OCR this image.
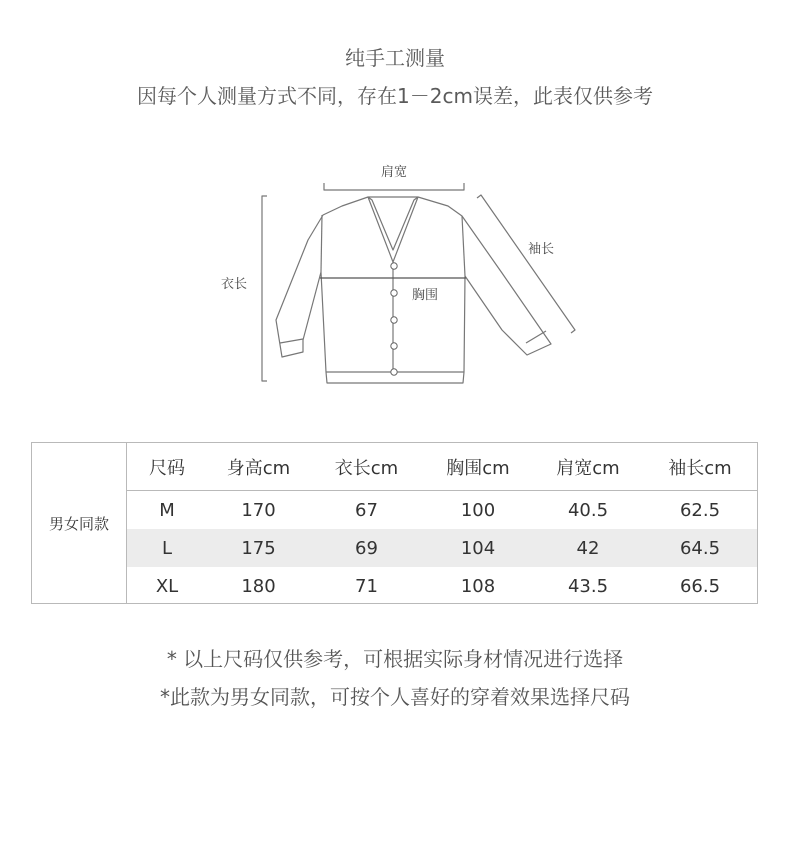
纯手工测量
因每个人测量方式不同，存在1－2cm误差，此表仅供参考
肩宽
袖长
衣长
胸围
男女同款
尺码	身高cm	衣长cm	胸围cm	肩宽cm	袖长cm
M	170	67	100	40.5	62.5
L	175	69	104	42	64.5
XL	180	71	108	43.5	66.5
* 以上尺码仅供参考，可根据实际身材情况进行选择
*此款为男女同款，可按个人喜好的穿着效果选择尺码
